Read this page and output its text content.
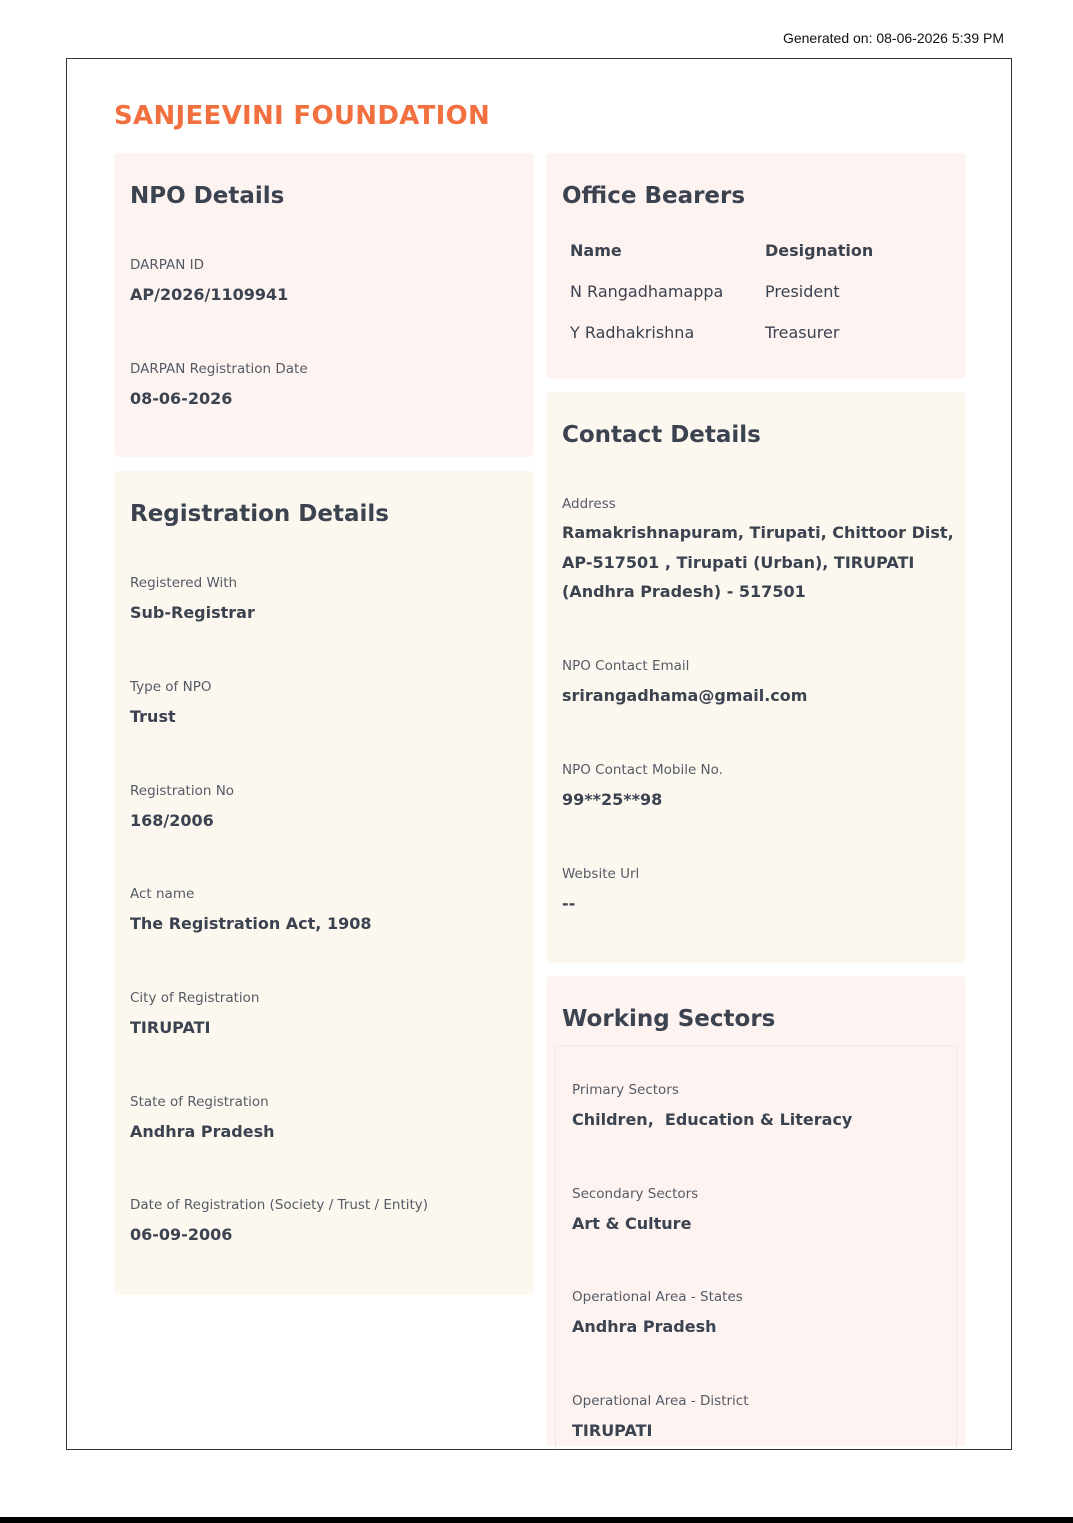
Generated on: 08-06-2026 5:39 PM
SANJEEVINI FOUNDATION
NPO Details

DARPAN ID

AP/2026/1109941

DARPAN Registration Date

08-06-2026

Registration Details

Registered With

Sub-Registrar

Type of NPO

Trust

Registration No

168/2006

Act name

The Registration Act, 1908

City of Registration

TIRUPATI

State of Registration

Andhra Pradesh

Date of Registration (Society / Trust / Entity)

06-09-2006

Office Bearers
Name	Designation
N Rangadhamappa	President
Y Radhakrishna	Treasurer
Contact Details

Address

Ramakrishnapuram, Tirupati, Chittoor Dist,

AP-517501 , Tirupati (Urban), TIRUPATI

(Andhra Pradesh) - 517501

NPO Contact Email

srirangadhama@gmail.com

NPO Contact Mobile No.

99**25**98

Website Url

--

Working Sectors

Primary Sectors

Children,  Education & Literacy

Secondary Sectors

Art & Culture

Operational Area - States

Andhra Pradesh

Operational Area - District

TIRUPATI
